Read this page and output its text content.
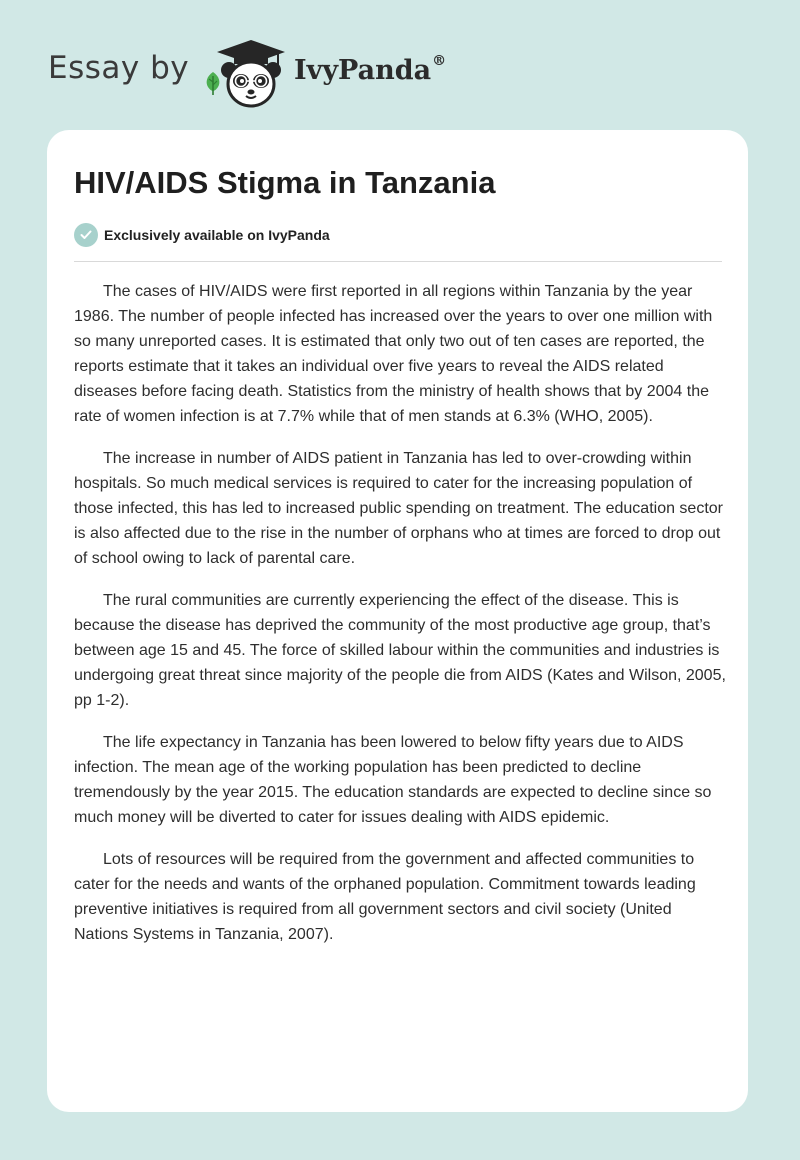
Essay by	IvyPanda®
HIV/AIDS Stigma in Tanzania
Exclusively available on IvyPanda

The cases of HIV/AIDS were first reported in all regions within Tanzania by the year 1986. The number of people infected has increased over the years to over one million with so many unreported cases. It is estimated that only two out of ten cases are reported, the reports estimate that it takes an individual over five years to reveal the AIDS related diseases before facing death. Statistics from the ministry of health shows that by 2004 the rate of women infection is at 7.7% while that of men stands at 6.3% (WHO, 2005).

The increase in number of AIDS patient in Tanzania has led to over-crowding within hospitals. So much medical services is required to cater for the increasing population of those infected, this has led to increased public spending on treatment. The education sector is also affected due to the rise in the number of orphans who at times are forced to drop out of school owing to lack of parental care.

The rural communities are currently experiencing the effect of the disease. This is because the disease has deprived the community of the most productive age group, that’s between age 15 and 45. The force of skilled labour within the communities and industries is undergoing great threat since majority of the people die from AIDS (Kates and Wilson, 2005, pp 1-2).

The life expectancy in Tanzania has been lowered to below fifty years due to AIDS infection. The mean age of the working population has been predicted to decline tremendously by the year 2015. The education standards are expected to decline since so much money will be diverted to cater for issues dealing with AIDS epidemic.

Lots of resources will be required from the government and affected communities to cater for the needs and wants of the orphaned population. Commitment towards leading preventive initiatives is required from all government sectors and civil society (United Nations Systems in Tanzania, 2007).
